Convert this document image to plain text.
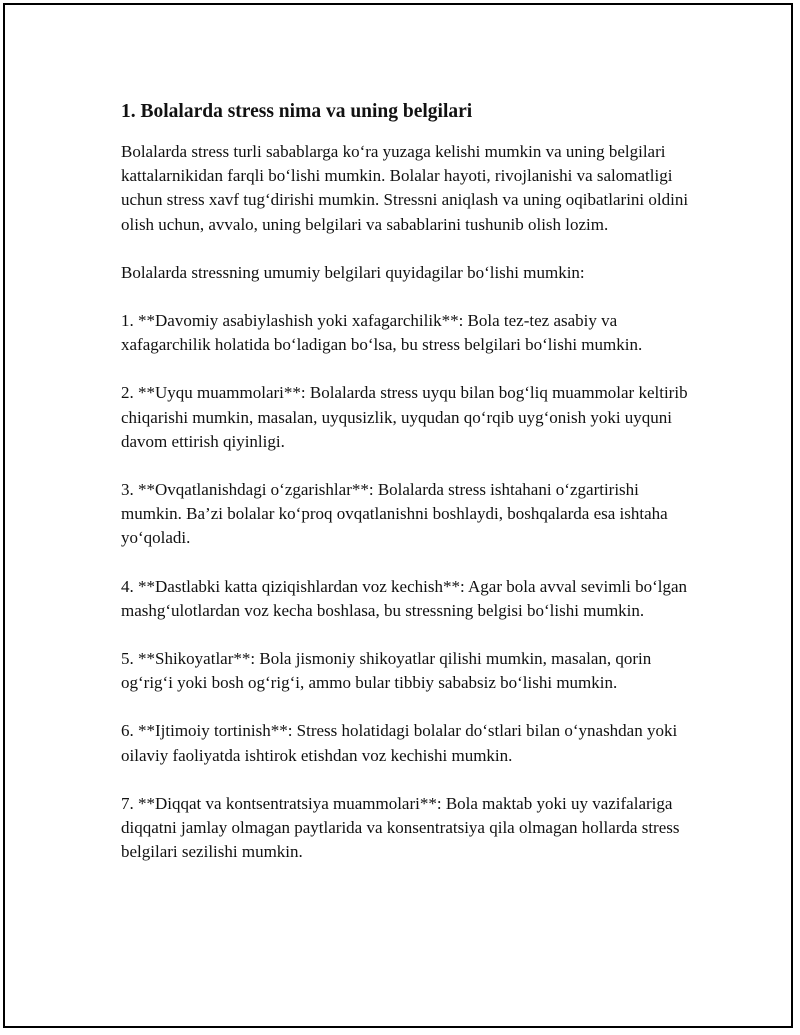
1. Bolalarda stress nima va uning belgilari

Bolalarda stress turli sabablarga ko‘ra yuzaga kelishi mumkin va uning belgilari kattalarnikidan farqli bo‘lishi mumkin. Bolalar hayoti, rivojlanishi va salomatligi uchun stress xavf tug‘dirishi mumkin. Stressni aniqlash va uning oqibatlarini oldini olish uchun, avvalo, uning belgilari va sabablarini tushunib olish lozim.

Bolalarda stressning umumiy belgilari quyidagilar bo‘lishi mumkin:

1. **Davomiy asabiylashish yoki xafagarchilik**: Bola tez-tez asabiy va xafagarchilik holatida bo‘ladigan bo‘lsa, bu stress belgilari bo‘lishi mumkin.

2. **Uyqu muammolari**: Bolalarda stress uyqu bilan bog‘liq muammolar keltirib chiqarishi mumkin, masalan, uyqusizlik, uyqudan qo‘rqib uyg‘onish yoki uyquni davom ettirish qiyinligi.

3. **Ovqatlanishdagi o‘zgarishlar**: Bolalarda stress ishtahani o‘zgartirishi mumkin. Ba’zi bolalar ko‘proq ovqatlanishni boshlaydi, boshqalarda esa ishtaha yo‘qoladi.

4. **Dastlabki katta qiziqishlardan voz kechish**: Agar bola avval sevimli bo‘lgan mashg‘ulotlardan voz kecha boshlasa, bu stressning belgisi bo‘lishi mumkin.

5. **Shikoyatlar**: Bola jismoniy shikoyatlar qilishi mumkin, masalan, qorin og‘rig‘i yoki bosh og‘rig‘i, ammo bular tibbiy sababsiz bo‘lishi mumkin.

6. **Ijtimoiy tortinish**: Stress holatidagi bolalar do‘stlari bilan o‘ynashdan yoki oilaviy faoliyatda ishtirok etishdan voz kechishi mumkin.

7. **Diqqat va kontsentratsiya muammolari**: Bola maktab yoki uy vazifalariga diqqatni jamlay olmagan paytlarida va konsentratsiya qila olmagan hollarda stress belgilari sezilishi mumkin.
